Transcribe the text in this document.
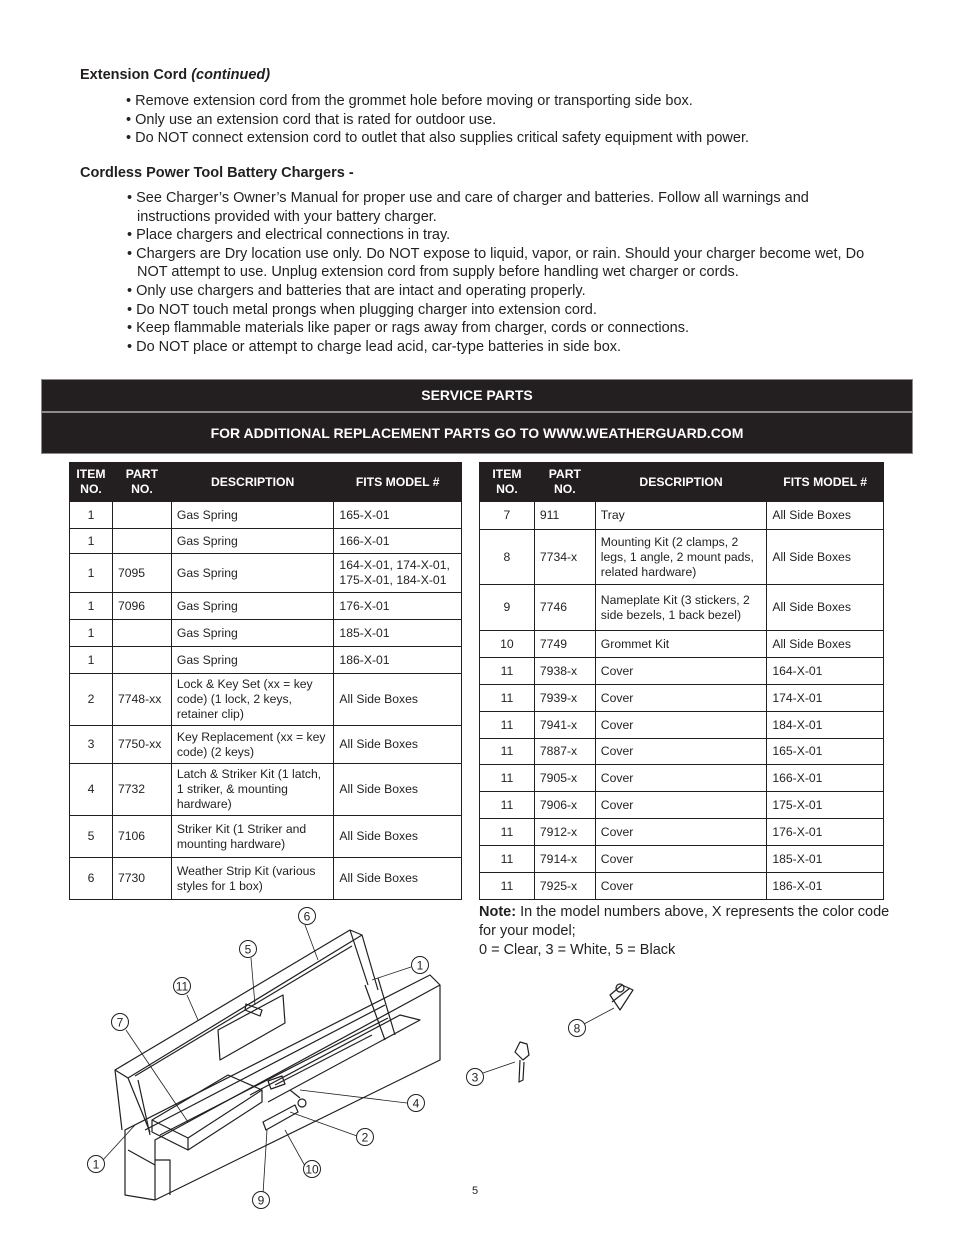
Extension Cord (continued)
• Remove extension cord from the grommet hole before moving or transporting side box.
• Only use an extension cord that is rated for outdoor use.
• Do NOT connect extension cord to outlet that also supplies critical safety equipment with power.
Cordless Power Tool Battery Chargers -
• See Charger’s Owner’s Manual for proper use and care of charger and batteries. Follow all warnings and instructions provided with your battery charger.
• Place chargers and electrical connections in tray.
• Chargers are Dry location use only. Do NOT expose to liquid, vapor, or rain. Should your charger become wet, Do NOT attempt to use. Unplug extension cord from supply before handling wet charger or cords.
• Only use chargers and batteries that are intact and operating properly.
• Do NOT touch metal prongs when plugging charger into extension cord.
• Keep flammable materials like paper or rags away from charger, cords or connections.
• Do NOT place or attempt to charge lead acid, car-type batteries in side box.
SERVICE PARTS
FOR ADDITIONAL REPLACEMENT PARTS GO TO WWW.WEATHERGUARD.COM
ITEM NO.	PART NO.	DESCRIPTION	FITS MODEL #
1		Gas Spring	165-X-01
1		Gas Spring	166-X-01
1	7095	Gas Spring	164-X-01, 174-X-01, 175-X-01, 184-X-01
1	7096	Gas Spring	176-X-01
1		Gas Spring	185-X-01
1		Gas Spring	186-X-01
2	7748-xx	Lock & Key Set (xx = key code) (1 lock, 2 keys, retainer clip)	All Side Boxes
3	7750-xx	Key Replacement (xx = key code) (2 keys)	All Side Boxes
4	7732	Latch & Striker Kit (1 latch, 1 striker, & mounting hardware)	All Side Boxes
5	7106	Striker Kit (1 Striker and mounting hardware)	All Side Boxes
6	7730	Weather Strip Kit (various styles for 1 box)	All Side Boxes
ITEM NO.	PART NO.	DESCRIPTION	FITS MODEL #
7	911	Tray	All Side Boxes
8	7734-x	Mounting Kit (2 clamps, 2 legs, 1 angle, 2 mount pads, related hardware)	All Side Boxes
9	7746	Nameplate Kit (3 stickers, 2 side bezels, 1 back bezel)	All Side Boxes
10	7749	Grommet Kit	All Side Boxes
11	7938-x	Cover	164-X-01
11	7939-x	Cover	174-X-01
11	7941-x	Cover	184-X-01
11	7887-x	Cover	165-X-01
11	7905-x	Cover	166-X-01
11	7906-x	Cover	175-X-01
11	7912-x	Cover	176-X-01
11	7914-x	Cover	185-X-01
11	7925-x	Cover	186-X-01
Note: In the model numbers above, X represents the color code for your model;
0 = Clear, 3 = White, 5 = Black
6
5
1
11
7
4
2
1	10
9
8
3
5
